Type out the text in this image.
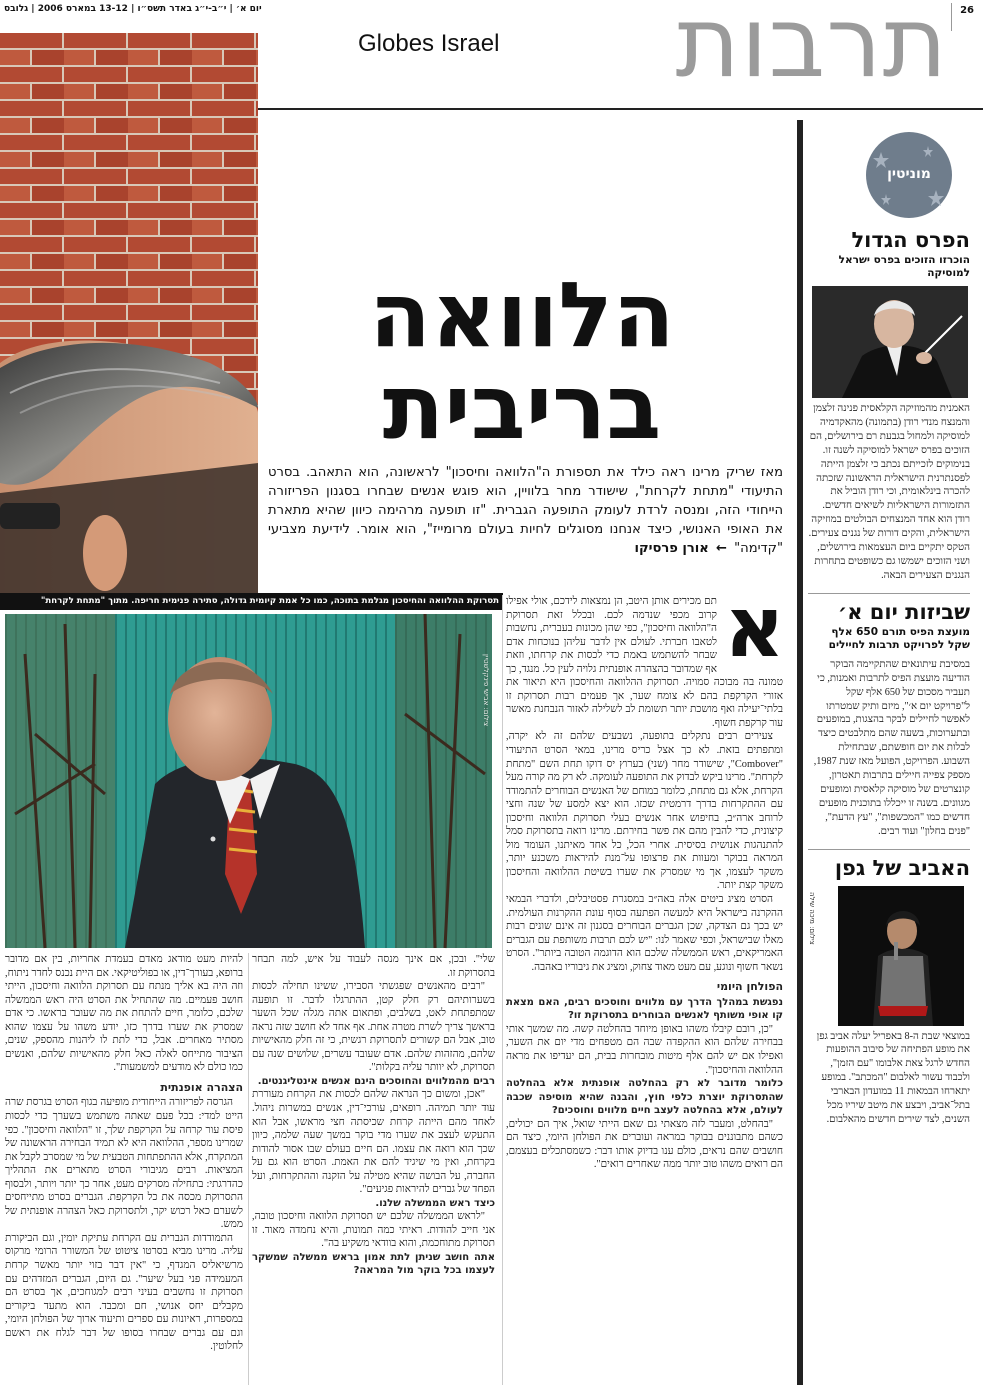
26
תרבות
יום א׳ | י״ב-י״ג באדר תשס״ו | 13-12 במארס 2006 | גלובס
Globes Israel
הלוואה
בריבית
מאז שריק מרינו ראה כילד את תספורת ה"הלוואה וחיסכון" לראשונה, הוא התאהב. בסרט התיעודי "מתחת לקרחת", שישודר מחר בלוויין, הוא פוגש אנשים שבחרו בסגנון הפריזורה הייחודי הזה, ומנסה לרדת לעומק התופעה הגברית. "זו תופעה מרהימה כיוון שהיא מתארת את האופי האנושי, כיצד אנחנו מסוגלים לחיות בעולם מרומייז", הוא אומר. לידיעת מצביעי "קדימה" ← אורן פרסיקו
תסרוקת ההלוואה והחיסכון מגלמת בתוכה, כמו כל אמת קיומית גדולה, סתירה פנימית חריפה. מתוך "מתחת לקרחת"
צילום: אבישי פינקלשטיין
א

תם מכירים אותן היטב, הן נמצאות לידכם, אולי אפילו קרוב מכפי שנדמה לכם. ובכלל זאת תסרוקת ה"הלוואה וחיסכון", כפי שהן מכונות בעברית, נחשבות לטאבו חברתי. לעולם אין לדבר עליהן בנוכחות אדם שבחר להשתמש באמת כדי לכסות את קרחתו, וזאת אף שמדובר בהצהרה אופנתית גלויה לעין כל. מנגד, כך טמונה בה מבוכה סמויה. תסרוקת ההלוואה והחיסכון היא תיאור את אזורי הקרקפת בהם לא צומח שער, אך פעמים רבות תסרוקת זו בלתי־יעילה ואף מושכת יותר תשומת לב לשלילה לאזור הנבחנת מאשר עור קרקפת חשוף.

צעירים רבים נתקלים בתופעה, נשבעים שלהם זה לא יקרה, ומתפתים בזאת. לא כך אצל כריס מרינו, במאי הסרט התיעודי "Combover", שישודר מחר (שני) בערוץ יס דוקו תחת השם "מתחת לקרחת". מרינו ביקש לבדוק את התופעה לעומקה. לא רק מה קורה מעל הקרחת, אלא גם מתחת, כלומר במוחם של האנשים הבוחרים להתמודד עם ההתקרחות בדרך דרמטית שכזו. הוא יצא למסע של שנה וחצי לרוחב ארה״ב, בחיפוש אחר אנשים בעלי תסרוקת הלוואה וחיסכון קיצונית, כדי להבין מהם את פשר בחירתם. מרינו רואה בתסרוקת סמל להתנהגות אנושית בסיסית. אחרי הכל, כל אחד מאיתנו, העומד מול המראה בבוקר ומעוות את פרצופו על־מנת להיראות משכנע יותר, משקר לעצמו, אך מי שמסרק את שערו בשיטת ההלוואה והחיסכון משקר קצת יותר.

הסרט מציג ביטים אלה באה״ב במסגרת פסטיבלים, ולדברי הבמאי ההקרנה בישראל היא למעשה הפתעה בסוף עונת ההקרנות העולמית. יש בכך גם הצדקה, שכן הגברים הבוחרים בסגנון זה אינם שונים רבות מאלו שבישראל, וכפי שאמר לנו: "יש לכם תרבות משותפת עם הגברים האמריקאים, ראש הממשלה שלכם הוא הדוגמה הטובה ביותר". הסרט נשאר חשוף ונוגע, עם מעט מאוד צחוק, ומציג את גיבוריו באהבה.

הפולחן היומי

נפגשת במהלך הדרך עם מלווים וחוסכים רבים, האם מצאת קו אופי משותף לאנשים הבוחרים בתסרוקת זו?

"כן, רובם קיבלו משהו באופן מיוחד בהחלטה קשה. מה שמשך אותי בבחירה שלהם הוא ההקפדה שבה הם מטפחים מדי יום את השער, ואפילו אם יש להם אלף מיטות מובחרות בבית, הם יעדיפו את מראה ההלוואה והחיסכון".

כלומר מדובר לא רק בהחלטה אופנתית אלא בהחלטה שהתסרוקת יוצרת כלפי חוץ, והבנה שהיא מוסיפה שכבה לעולם, אלא בהחלטה לעצב חיים מלווים וחוסכים?

"בהחלט, ומעבר לזה מצאתי גם שאם הייתי שואל, איך הם יכולים, כשהם מתבוננים בבוקר במראה ועוברים את הפולחן היומי, כיצד הם חושבים שהם נראים, כולם ענו בדיוק אותו דבר: כשמסתכלים בעצמם, הם רואים משהו טוב יותר ממה שאחרים רואים".

שלי". ובכן, אם אינך מנסה לעבוד על איש, למה תבחר בתסרוקת זו.

"רבים מהאנשים שפגשתי הסבירו, ששינו תחילה לכסות בשערותיהם רק חלק קטן, ההתרגלו לדבר. זו תופעה שמתפתחת לאט, בשלבים, ופתאום אתה מגלה שכל השער בראשך צריך לשרת מטרה אחת. אף אחד לא חושב שזה נראה טוב, אבל הם קשורים לתסרוקת רגשית, כי זה חלק מהאישיות שלהם, מהזהות שלהם. אדם שעובד עשרים, שלושים שנה עם תסרוקת, לא יוותר עליה בקלות".

רבים מהמלווים והחוסכים הינם אנשים אינטליגנטים.

"אכן, ומשום כך הנראה שלהם לכסות את הקרחת מעוררת עוד יותר תמיהה. רופאים, עורכי־דין, אנשים במשרות ניהול. לאחד מהם הייתה קרחת שכיסתה חצי מראשו, אבל הוא התעקש לעצב את שערו מדי בוקר במשך שעה שלמה, כיוון שכך הוא רואה את עצמו. הם חיים בעולם שבו אסור להודות בקרחת, ואין מי שיגיד להם את האמת. הסרט הוא גם על החברה, על הבושה שהיא מטילה על הזקנה וההתקרחות, ועל הפחד של גברים להיראות פגיעים".

כיצד ראש הממשלה שלנו.

"לראש הממשלה שלכם יש תסרוקת הלוואה וחיסכון טובה, אני חייב להודות. ראיתי כמה תמונות, והיא נחמדה מאוד. זו תסרוקת מתוחכמת, והוא בוודאי משקיע בה".

אתה חושב שניתן לתת אמון בראש ממשלה שמשקר לעצמו בכל בוקר מול המראה?

להיות מעט מודאג מאדם בעמדת אחריות, בין אם מדובר ברופא, בעורך־דין, או בפוליטיקאי. אם היית נכנס לחדר ניתוח, וזה היה בא אליך מנתח עם תסרוקת הלוואה וחיסכון, הייתי חושב פעמיים. מה שהתחיל את הסרט היה ראש הממשלה שלכם, כלומר, חיים להתחת את מה שעובר בראשו. כי אדם שמסרק את שערו בדרך כזו, יודע משהו על עצמו שהוא מסתיר מאחרים. אבל, כדי לתת לו ליהנות מהספק, שנים, הציבור מתייחס לאלה כאל חלק מהאישיות שלהם, ואנשים כמו כולם לא מודעים למשמעות".

הצהרה אופנתית

הגרסה לפריזורה הייחודית מופיעה בגוף הסרט בגרסת שרה הייט למדי: בכל פעם שאתה משתמש בשערך כדי לכסות פיסת עור קרחה על הקרקפת שלך, זו "הלוואה וחיסכון". כפי שמרינו מספר, ההלוואה היא לא תמיד הבחירה הראשונה של המתקרח, אלא ההתפתחות הטבעית של מי שמסרב לקבל את המציאות. רבים מגיבורי הסרט מתארים את התהליך כהדרגתי: בתחילה מסרקים מעט, אחר כך יותר ויותר, ולבסוף התסרוקת מכסה את כל הקרקפת. הגברים בסרט מתייחסים לשערם כאל רכוש יקר, ולתסרוקת כאל הצהרה אופנתית של ממש.

התמודדות הגברית עם הקרחת עתיקת יומין, וגם הביקורת עליה. מרינו מביא בסרטו ציטוט של המשורר הרומי מרקוס מרשיאליס המגדף, כי "אין דבר בזוי יותר מאשר קרחת המעמידה פני בעל שיער". גם היום, הגברים המזדהים עם תסרוקת זו נחשבים בעיני רבים למגוחכים, אך בסרט הם מקבלים יחס אנושי, חם ומכבד. הוא מתעד ביקורים במספרות, ראיונות עם ספרים ותיעוד ארוך של הפולחן היומי, וגם עם גברים שבחרו בסופו של דבר לגלח את ראשם לחלוטין.

מוניטין
הפרס הגדול
הוכרזו הזוכים בפרס ישראל למוסיקה

האמנית מהמוזיקה הקלאסית פנינה זלצמן והמנצח מנדי רודן (בתמונה) מהאקדמיה למוסיקה ולמחול בגבעת רם בירושלים, הם הזוכים בפרס ישראל למוסיקה לשנה זו. בנימוקים לזכייתם נכתב כי זלצמן הייתה לפסנתרנית הישראלית הראשונה שזכתה להכרה בינלאומית, וכי רודן הוביל את התזמורות הישראליות לשיאים חדשים. רודן הוא אחד המנצחים הבולטים במוזיקה הישראלית, והקים דורות של נגנים צעירים. הטקס יתקיים ביום העצמאות בירושלים, ושני הזוכים ישמשו גם כשופטים בתחרות הנגנים הצעירים הבאה.

שביזות יום א׳
מועצת הפיס תורם 650 אלף שקל לפרויקט תרבות לחיילים

במסיבת עיתונאים שהתקיימה הבוקר הודיעה מועצת הפיס לתרבות ואמנות, כי תעביר מסכום של 650 אלף שקל ל"פרויקט יום א׳", מיזם ותיק שמטרתו לאפשר לחיילים לבקר בהצגות, במופעים ובתערוכות, בשעה שהם מתלבטים כיצד לבלות את יום חופשתם, שבתחילת השבוע. הפרויקט, הפועל מאז שנת 1987, מספק צפייה חיילים בתרבות תאטרון, קונצרטים של מוסיקה קלאסית ומופעים מגוונים. בשנה זו ייכללו בתוכנית מופעים חדשים כמו "המכשפות", "עץ הדעת", "פנים בחלון" ועוד רבים.

האביב של גפן
צילום: מיכה שילה

במוצאי שבת ה-8 באפריל יעלה אביב גפן את מופע הפתיחה של סיבוב ההופעות החדש לרגל צאת אלבומו "עם הזמן", ולכבוד עשור לאלבום "המכתב". במופע יתארחו הבמאות 11 במועדון הבארבי בתל־אביב, ויבצע את מיטב שיריו מכל השנים, לצד שירים חדשים מהאלבום.
